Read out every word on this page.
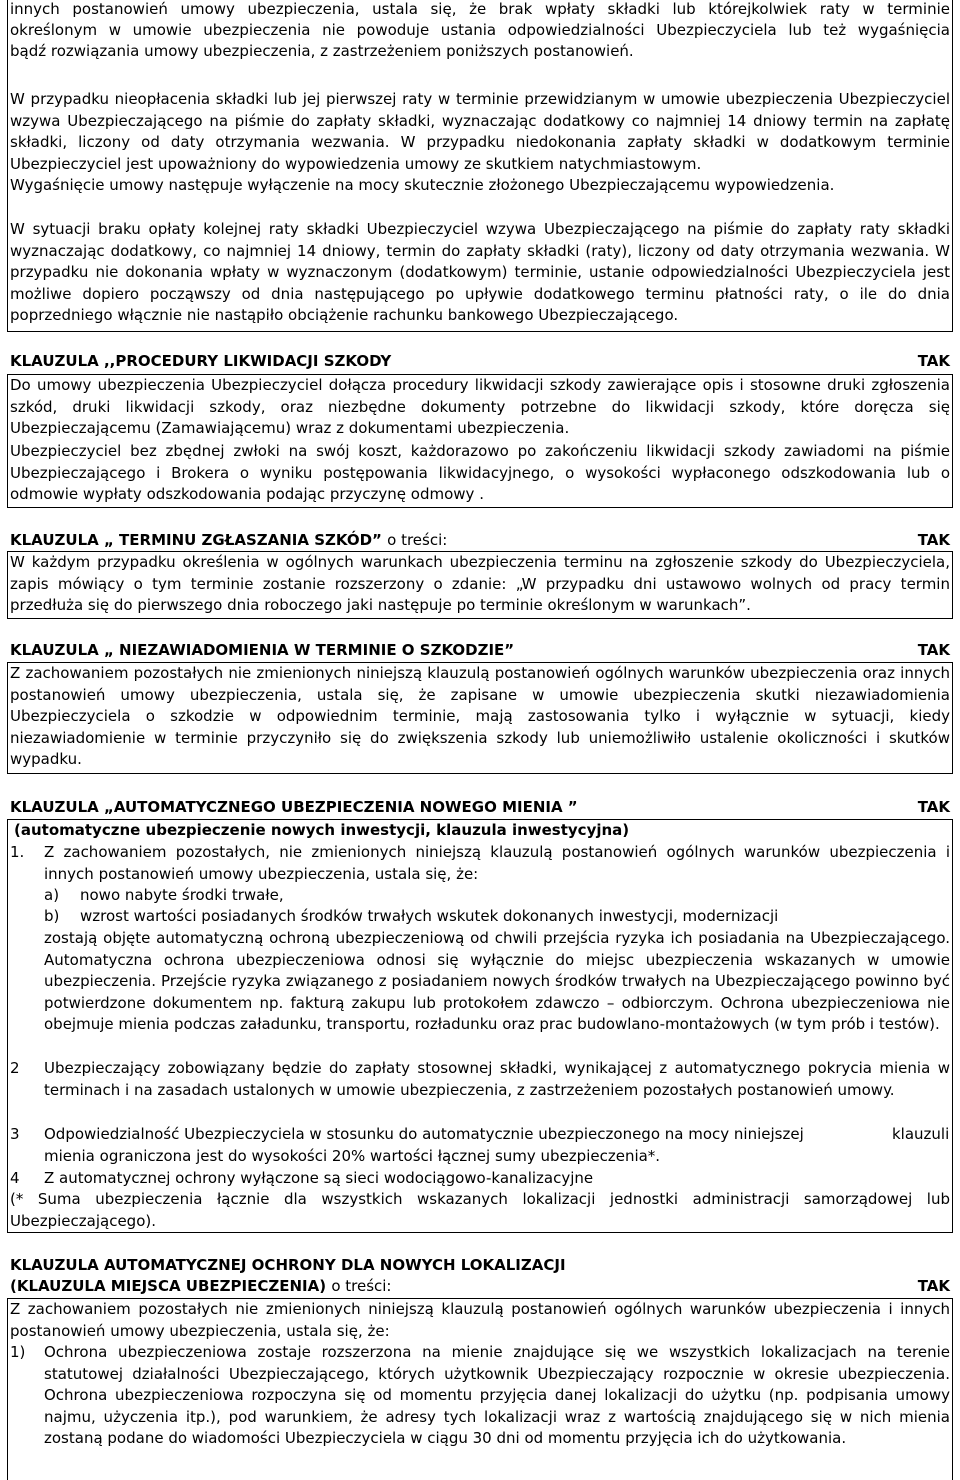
innych postanowień umowy ubezpieczenia, ustala się, że brak wpłaty składki lub którejkolwiek raty w terminie

określonym w umowie ubezpieczenia nie powoduje ustania odpowiedzialności Ubezpieczyciela lub też wygaśnięcia

bądź rozwiązania umowy ubezpieczenia, z zastrzeżeniem poniższych postanowień.

W przypadku nieopłacenia składki lub jej pierwszej raty w terminie przewidzianym w umowie ubezpieczenia Ubezpieczyciel wzywa Ubezpieczającego na piśmie do zapłaty składki, wyznaczając dodatkowy co najmniej 14 dniowy termin na zapłatę składki, liczony od daty otrzymania wezwania. W przypadku niedokonania zapłaty składki w dodatkowym terminie Ubezpieczyciel jest upoważniony do wypowiedzenia umowy ze skutkiem natychmiastowym.

Wygaśnięcie umowy następuje wyłączenie na mocy skutecznie złożonego Ubezpieczającemu wypowiedzenia.

W sytuacji braku opłaty kolejnej raty składki Ubezpieczyciel wzywa Ubezpieczającego na piśmie do zapłaty raty składki wyznaczając dodatkowy, co najmniej 14 dniowy, termin do zapłaty składki (raty), liczony od daty otrzymania wezwania. W przypadku nie dokonania wpłaty w wyznaczonym (dodatkowym) terminie, ustanie odpowiedzialności Ubezpieczyciela jest możliwe dopiero począwszy od dnia następującego po upływie dodatkowego terminu płatności raty, o ile do dnia poprzedniego włącznie nie nastąpiło obciążenie rachunku bankowego Ubezpieczającego.

KLAUZULA ,,PROCEDURY LIKWIDACJI SZKODY	TAK

Do umowy ubezpieczenia Ubezpieczyciel dołącza procedury likwidacji szkody zawierające opis i stosowne druki zgłoszenia szkód, druki likwidacji szkody, oraz niezbędne dokumenty potrzebne do likwidacji szkody, które doręcza się Ubezpieczającemu (Zamawiającemu) wraz z dokumentami ubezpieczenia.

Ubezpieczyciel bez zbędnej zwłoki na swój koszt, każdorazowo po zakończeniu likwidacji szkody zawiadomi na piśmie Ubezpieczającego i Brokera o wyniku postępowania likwidacyjnego, o wysokości wypłaconego odszkodowania lub o odmowie wypłaty odszkodowania podając przyczynę odmowy .

KLAUZULA „ TERMINU ZGŁASZANIA SZKÓD” o treści:	TAK

W każdym przypadku określenia w ogólnych warunkach ubezpieczenia terminu na zgłoszenie szkody do Ubezpieczyciela, zapis mówiący o tym terminie zostanie rozszerzony o zdanie: „W przypadku dni ustawowo wolnych od pracy termin przedłuża się do pierwszego dnia roboczego jaki następuje po terminie określonym w warunkach”.

KLAUZULA „ NIEZAWIADOMIENIA W TERMINIE O SZKODZIE”	TAK

Z zachowaniem pozostałych nie zmienionych niniejszą klauzulą postanowień ogólnych warunków ubezpieczenia oraz innych postanowień umowy ubezpieczenia, ustala się, że zapisane w umowie ubezpieczenia skutki niezawiadomienia Ubezpieczyciela o szkodzie w odpowiednim terminie, mają zastosowania tylko i wyłącznie w sytuacji, kiedy niezawiadomienie w terminie przyczyniło się do zwiększenia szkody lub uniemożliwiło ustalenie okoliczności i skutków wypadku.

KLAUZULA „AUTOMATYCZNEGO UBEZPIECZENIA NOWEGO MIENIA ”	TAK

(automatyczne ubezpieczenie nowych inwestycji, klauzula inwestycyjna)

1. Z zachowaniem pozostałych, nie zmienionych niniejszą klauzulą postanowień ogólnych warunków ubezpieczenia i innych postanowień umowy ubezpieczenia, ustala się, że:

a) nowo nabyte środki trwałe,

b) wzrost wartości posiadanych środków trwałych wskutek dokonanych inwestycji, modernizacji

zostają objęte automatyczną ochroną ubezpieczeniową od chwili przejścia ryzyka ich posiadania na Ubezpieczającego. Automatyczna ochrona ubezpieczeniowa odnosi się wyłącznie do miejsc ubezpieczenia wskazanych w umowie ubezpieczenia. Przejście ryzyka związanego z posiadaniem nowych środków trwałych na Ubezpieczającego powinno być potwierdzone dokumentem np. fakturą zakupu lub protokołem zdawczo – odbiorczym. Ochrona ubezpieczeniowa nie obejmuje mienia podczas załadunku, transportu, rozładunku oraz prac budowlano-montażowych (w tym prób i testów).

2 Ubezpieczający zobowiązany będzie do zapłaty stosownej składki, wynikającej z automatycznego pokrycia mienia w terminach i na zasadach ustalonych w umowie ubezpieczenia, z zastrzeżeniem pozostałych postanowień umowy.

3 Odpowiedzialność Ubezpieczyciela w stosunku do automatycznie ubezpieczonego na mocy niniejszej	klauzuli

mienia ograniczona jest do wysokości 20% wartości łącznej sumy ubezpieczenia*.

4 Z automatycznej ochrony wyłączone są sieci wodociągowo-kanalizacyjne

(* Suma ubezpieczenia łącznie dla wszystkich wskazanych lokalizacji jednostki administracji samorządowej lub Ubezpieczającego).

KLAUZULA AUTOMATYCZNEJ OCHRONY DLA NOWYCH LOKALIZACJI
(KLAUZULA MIEJSCA UBEZPIECZENIA) o treści:	TAK

Z zachowaniem pozostałych nie zmienionych niniejszą klauzulą postanowień ogólnych warunków ubezpieczenia i innych postanowień umowy ubezpieczenia, ustala się, że:

1) Ochrona ubezpieczeniowa zostaje rozszerzona na mienie znajdujące się we wszystkich lokalizacjach na terenie statutowej działalności Ubezpieczającego, których użytkownik Ubezpieczający rozpocznie w okresie ubezpieczenia. Ochrona ubezpieczeniowa rozpoczyna się od momentu przyjęcia danej lokalizacji do użytku (np. podpisania umowy najmu, użyczenia itp.), pod warunkiem, że adresy tych lokalizacji wraz z wartością znajdującego się w nich mienia zostaną podane do wiadomości Ubezpieczyciela w ciągu 30 dni od momentu przyjęcia ich do użytkowania.
